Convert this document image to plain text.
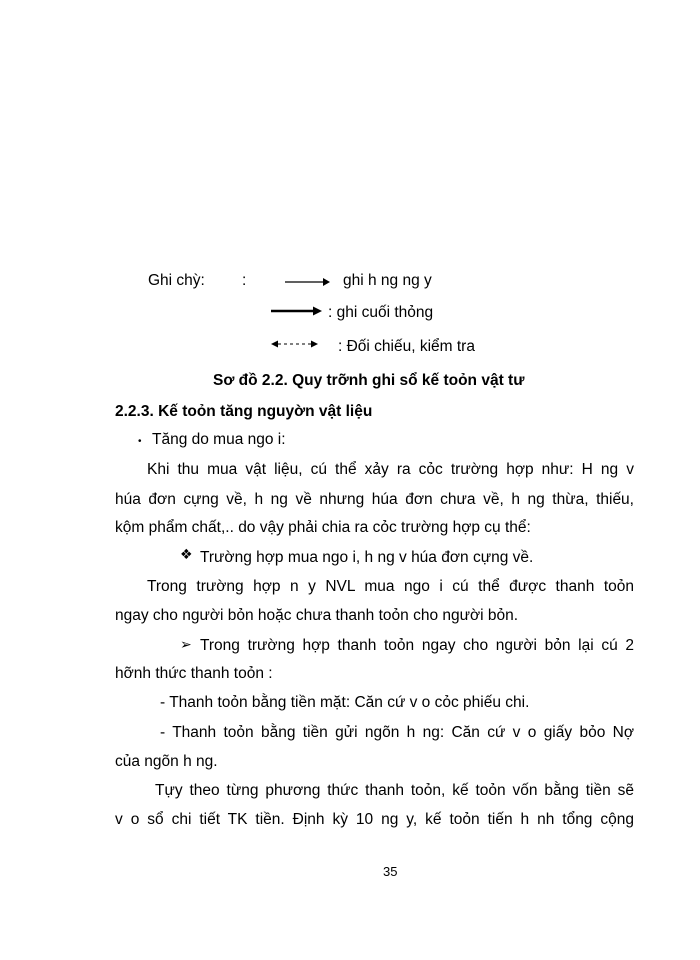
Ghi chỳ: :	ghi h ng ng y
: ghi cuối thỏng
: Đối chiếu, kiểm tra
Sơ đồ 2.2. Quy trỡnh ghi sổ kế toỏn vật tư
2.2.3. Kế toỏn tăng nguyờn vật liệu
• Tăng do mua ngo i:
Khi thu mua vật liệu, cú thể xảy ra cỏc trường hợp như: H ng v
húa đơn cựng về, h ng về nhưng húa đơn chưa về, h ng thừa, thiếu,
kộm phẩm chất,.. do vậy phải chia ra cỏc trường hợp cụ thể:
❖ Trường hợp mua ngo i, h ng v húa đơn cựng về.
Trong trường hợp n y NVL mua ngo i cú thể được thanh toỏn
ngay cho người bỏn hoặc chưa thanh toỏn cho người bỏn.
➢ Trong trường hợp thanh toỏn ngay cho người bỏn lại cú 2
hỡnh thức thanh toỏn :
- Thanh toỏn bằng tiền mặt: Căn cứ v o cỏc phiếu chi.
- Thanh toỏn bằng tiền gửi ngõn h ng: Căn cứ v o giấy bỏo Nợ
của ngõn h ng.
Tựy theo từng phương thức thanh toỏn, kế toỏn vốn bằng tiền sẽ
v o sổ chi tiết TK tiền. Định kỳ 10 ng y, kế toỏn tiến h nh tổng cộng
35
